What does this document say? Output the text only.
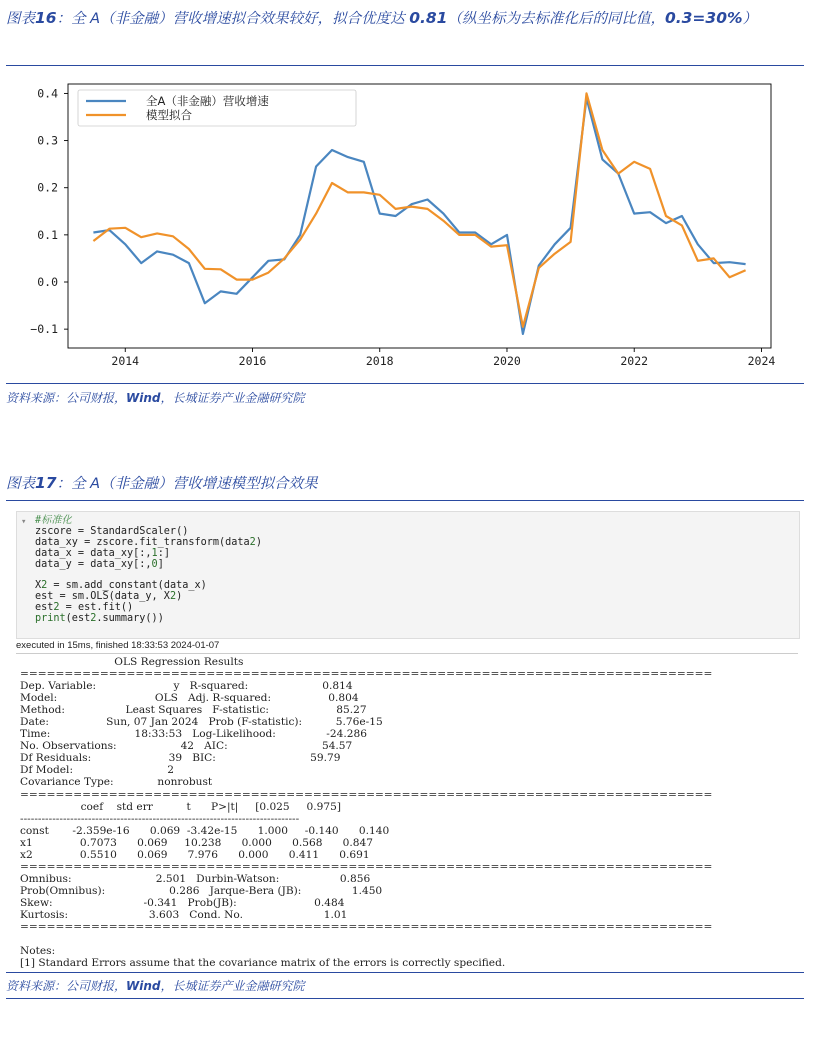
图表16：全 A（非金融）营收增速拟合效果较好，拟合优度达 0.81（纵坐标为去标准化后的同比值，0.3=30%）
−0.1
0.0
0.1
0.2
0.3
0.4
2014	2016	2018	2020	2022	2024
全A（非金融）营收增速
模型拟合
资料来源：公司财报，Wind，长城证券产业金融研究院
图表17：全 A（非金融）营收增速模型拟合效果
▾ #标准化
zscore = StandardScaler()
data_xy = zscore.fit_transform(data2)
data_x = data_xy[:,1:]
data_y = data_xy[:,0]

X2 = sm.add_constant(data_x)
est = sm.OLS(data_y, X2)
est2 = est.fit()
print(est2.summary())
executed in 15ms, finished 18:33:53 2024-01-07
OLS Regression Results
==============================================================================
Dep. Variable:                       y   R-squared:                      0.814
Model:                             OLS   Adj. R-squared:                 0.804
Method:                  Least Squares   F-statistic:                    85.27
Date:                 Sun, 07 Jan 2024   Prob (F-statistic):          5.76e-15
Time:                         18:33:53   Log-Likelihood:               -24.286
No. Observations:                   42   AIC:                            54.57
Df Residuals:                       39   BIC:                            59.79
Df Model:                            2
Covariance Type:             nonrobust
==============================================================================
coef    std err          t      P>|t|     [0.025     0.975]
------------------------------------------------------------------------------
const       -2.359e-16      0.069  -3.42e-15      1.000     -0.140      0.140
x1              0.7073      0.069     10.238      0.000      0.568      0.847
x2              0.5510      0.069      7.976      0.000      0.411      0.691
==============================================================================
Omnibus:                         2.501   Durbin-Watson:                  0.856
Prob(Omnibus):                   0.286   Jarque-Bera (JB):               1.450
Skew:                           -0.341   Prob(JB):                       0.484
Kurtosis:                        3.603   Cond. No.                        1.01
==============================================================================

Notes:
[1] Standard Errors assume that the covariance matrix of the errors is correctly specified.
资料来源：公司财报，Wind，长城证券产业金融研究院
